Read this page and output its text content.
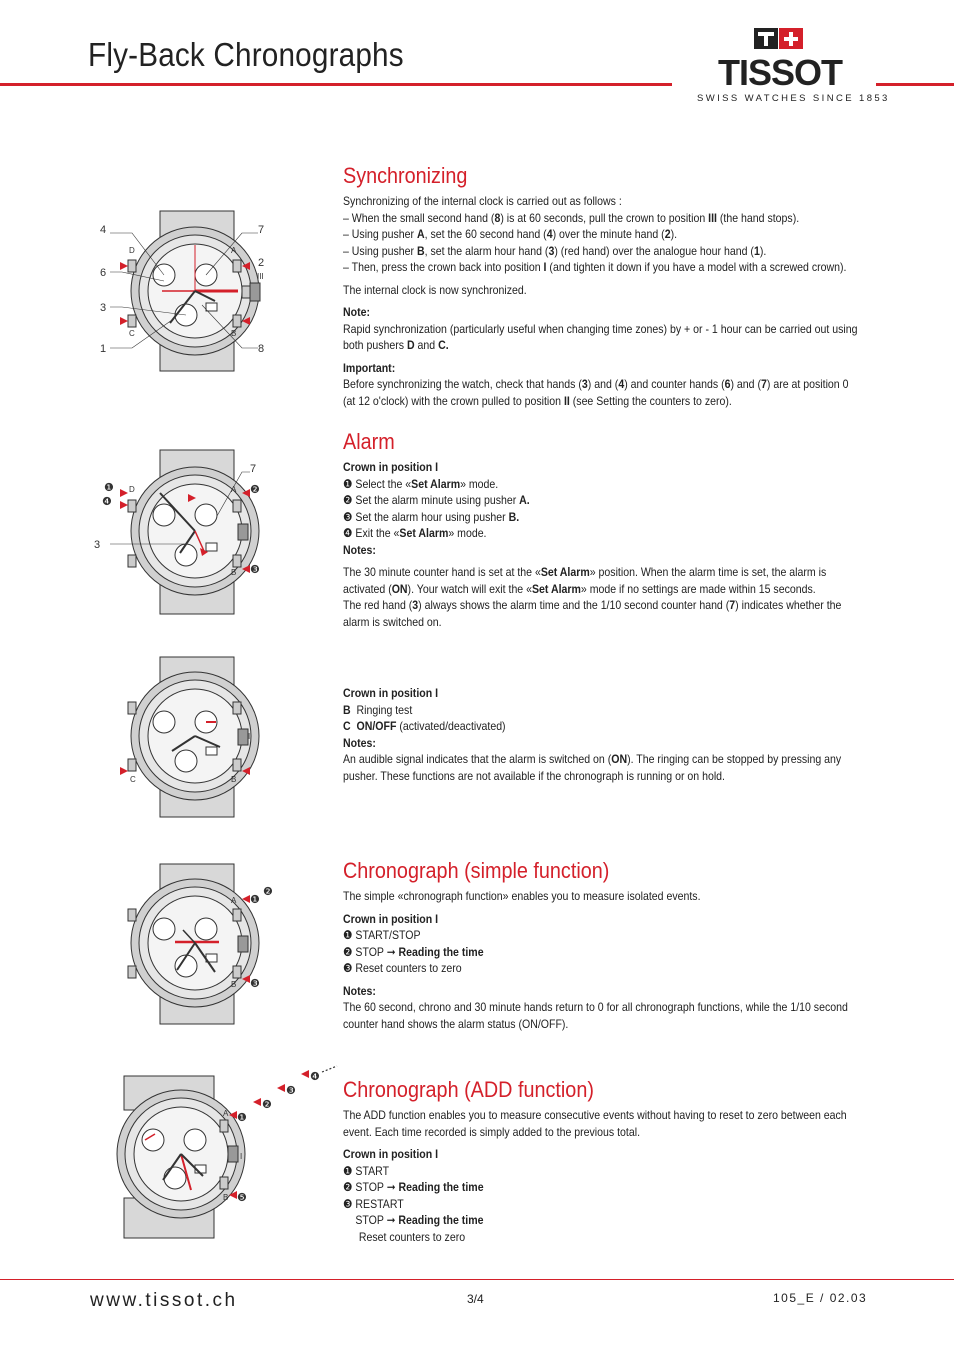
Fly-Back Chronographs	TISSOT
SWISS WATCHES SINCE 1853
4
6
3
1
7
2
III
8
D	A
C	B
Synchronizing

Synchronizing of the internal clock is carried out as follows :

– When the small second hand (8) is at 60 seconds, pull the crown to position III (the hand stops).

– Using pusher A, set the 60 second hand (4) over the minute hand (2).

– Using pusher B, set the alarm hour hand (3) (red hand) over the analogue hour hand (1).

– Then, press the crown back into position I (and tighten it down if you have a model with a screwed crown).

The internal clock is now synchronized.

Note:

Rapid synchronization (particularly useful when changing time zones) by + or - 1 hour can be carried out using both pushers D and C.

Important:

Before synchronizing the watch, check that hands (3) and (4) and counter hands (6) and (7) are at position 0 (at 12 o'clock) with the crown pulled to position II (see Setting the counters to zero).

❶
❹
❷
❸
7
3
D	A
B
I
Alarm

Crown in position I

❶ Select the «Set Alarm» mode.

❷ Set the alarm minute using pusher A.

❸ Set the alarm hour using pusher B.

❹ Exit the «Set Alarm» mode.

Notes:

The 30 minute counter hand is set at the «Set Alarm» position. When the alarm time is set, the alarm is activated (ON). Your watch will exit the «Set Alarm» mode if no settings are made within 15 seconds.

The red hand (3) always shows the alarm time and the 1/10 second counter hand (7) indicates whether the alarm is switched on.

C	B
I

Crown in position I

B Ringing test

C ON/OFF (activated/deactivated)

Notes:

An audible signal indicates that the alarm is switched on (ON). The ringing can be stopped by pressing any pusher. These functions are not available if the chronograph is running or on hold.

A
B
I
❶
❷
❸
Chronograph (simple function)

The simple «chronograph function» enables you to measure isolated events.

Crown in position I

❶ START/STOP

❷ STOP ➞ Reading the time

❸ Reset counters to zero

Notes:

The 60 second, chrono and 30 minute hands return to 0 for all chronograph functions, while the 1/10 second counter hand shows the alarm status (ON/OFF).

A
B
I
❶
❷
❸
❹
❺
Chronograph (ADD function)

The ADD function enables you to measure consecutive events without having to reset to zero between each event. Each time recorded is simply added to the previous total.

Crown in position I

❶ START

❷ STOP ➞ Reading the time

❸ RESTART

STOP ➞ Reading the time

Reset counters to zero

www.tissot.ch	3/4	105_E / 02.03
